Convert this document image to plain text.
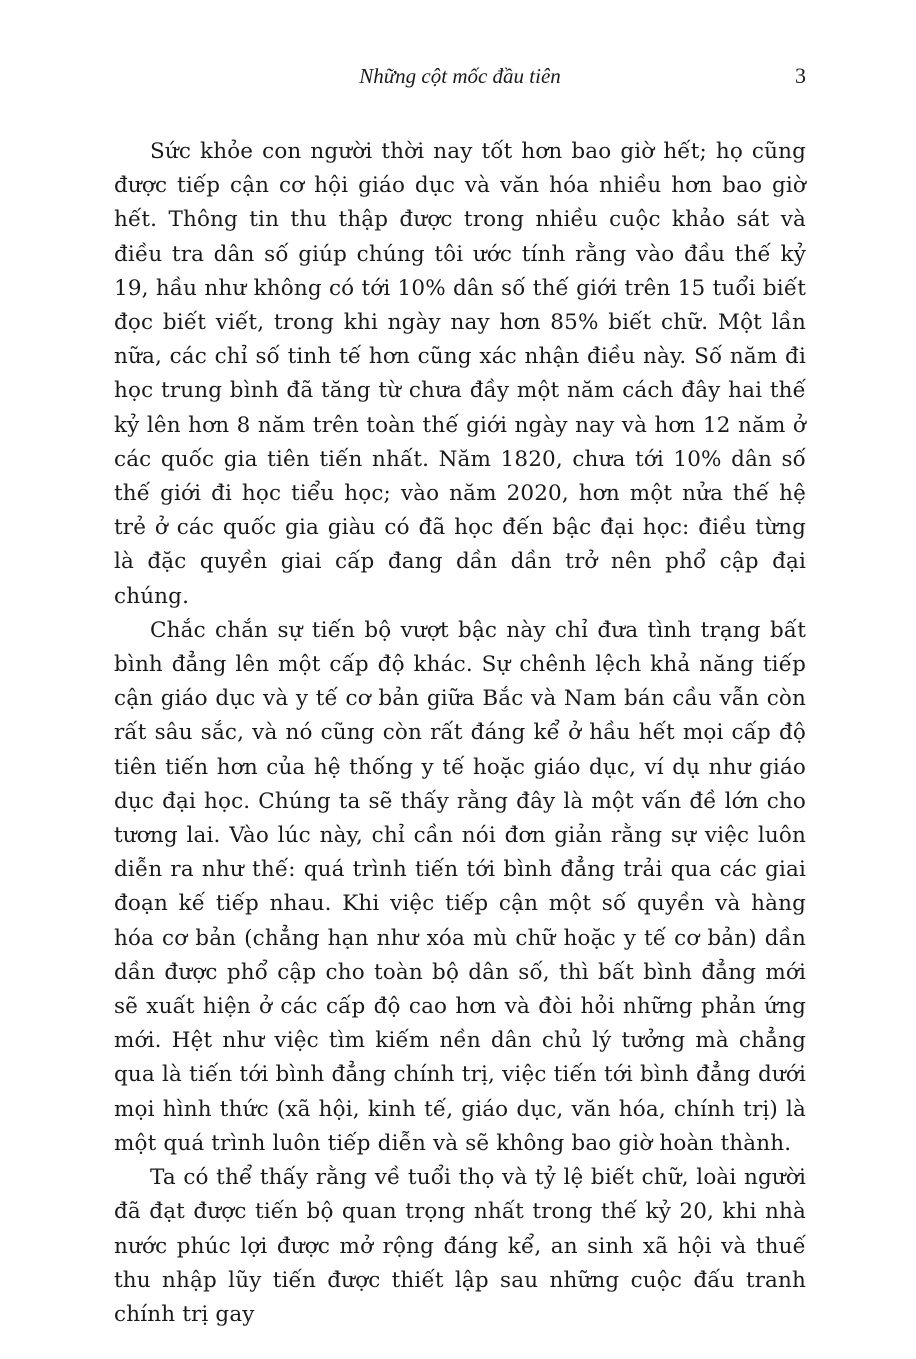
Những cột mốc đầu tiên	3

Sức khỏe con người thời nay tốt hơn bao giờ hết; họ cũng được tiếp cận cơ hội giáo dục và văn hóa nhiều hơn bao giờ hết. Thông tin thu thập được trong nhiều cuộc khảo sát và điều tra dân số giúp chúng tôi ước tính rằng vào đầu thế kỷ 19, hầu như không có tới 10% dân số thế giới trên 15 tuổi biết đọc biết viết, trong khi ngày nay hơn 85% biết chữ. Một lần nữa, các chỉ số tinh tế hơn cũng xác nhận điều này. Số năm đi học trung bình đã tăng từ chưa đầy một năm cách đây hai thế kỷ lên hơn 8 năm trên toàn thế giới ngày nay và hơn 12 năm ở các quốc gia tiên tiến nhất. Năm 1820, chưa tới 10% dân số thế giới đi học tiểu học; vào năm 2020, hơn một nửa thế hệ trẻ ở các quốc gia giàu có đã học đến bậc đại học: điều từng là đặc quyền giai cấp đang dần dần trở nên phổ cập đại chúng.

Chắc chắn sự tiến bộ vượt bậc này chỉ đưa tình trạng bất bình đẳng lên một cấp độ khác. Sự chênh lệch khả năng tiếp cận giáo dục và y tế cơ bản giữa Bắc và Nam bán cầu vẫn còn rất sâu sắc, và nó cũng còn rất đáng kể ở hầu hết mọi cấp độ tiên tiến hơn của hệ thống y tế hoặc giáo dục, ví dụ như giáo dục đại học. Chúng ta sẽ thấy rằng đây là một vấn đề lớn cho tương lai. Vào lúc này, chỉ cần nói đơn giản rằng sự việc luôn diễn ra như thế: quá trình tiến tới bình đẳng trải qua các giai đoạn kế tiếp nhau. Khi việc tiếp cận một số quyền và hàng hóa cơ bản (chẳng hạn như xóa mù chữ hoặc y tế cơ bản) dần dần được phổ cập cho toàn bộ dân số, thì bất bình đẳng mới sẽ xuất hiện ở các cấp độ cao hơn và đòi hỏi những phản ứng mới. Hệt như việc tìm kiếm nền dân chủ lý tưởng mà chẳng qua là tiến tới bình đẳng chính trị, việc tiến tới bình đẳng dưới mọi hình thức (xã hội, kinh tế, giáo dục, văn hóa, chính trị) là một quá trình luôn tiếp diễn và sẽ không bao giờ hoàn thành.

Ta có thể thấy rằng về tuổi thọ và tỷ lệ biết chữ, loài người đã đạt được tiến bộ quan trọng nhất trong thế kỷ 20, khi nhà nước phúc lợi được mở rộng đáng kể, an sinh xã hội và thuế thu nhập lũy tiến được thiết lập sau những cuộc đấu tranh chính trị gay
